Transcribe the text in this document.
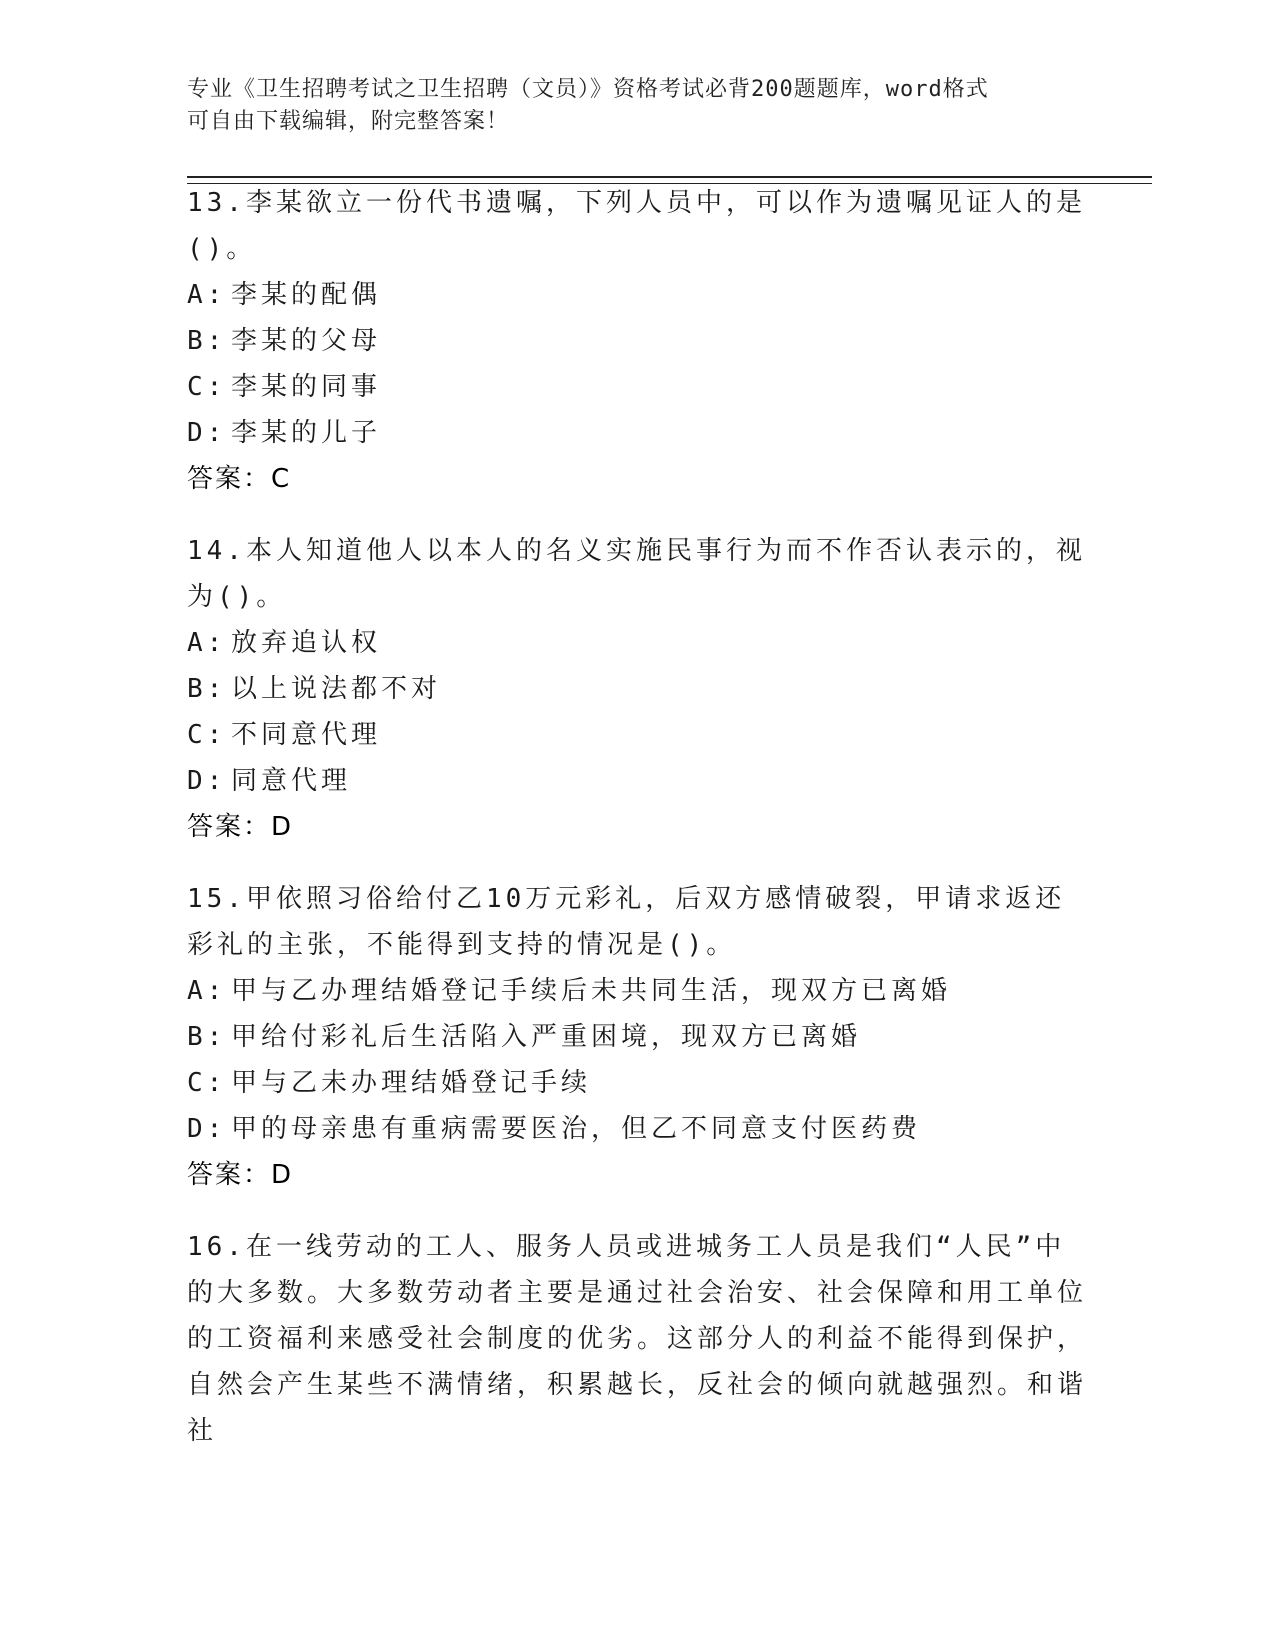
专业《卫生招聘考试之卫生招聘（文员）》资格考试必背200题题库，word格式
可自由下载编辑，附完整答案！
13.李某欲立一份代书遗嘱，下列人员中，可以作为遗嘱见证人的是()。
A: 李某的配偶
B: 李某的父母
C: 李某的同事
D: 李某的儿子
答案：C
14.本人知道他人以本人的名义实施民事行为而不作否认表示的，视为()。
A: 放弃追认权
B: 以上说法都不对
C: 不同意代理
D: 同意代理
答案：D
15.甲依照习俗给付乙10万元彩礼，后双方感情破裂，甲请求返还彩礼的主张，不能得到支持的情况是()。
A: 甲与乙办理结婚登记手续后未共同生活，现双方已离婚
B: 甲给付彩礼后生活陷入严重困境，现双方已离婚
C: 甲与乙未办理结婚登记手续
D: 甲的母亲患有重病需要医治，但乙不同意支付医药费
答案：D
16.在一线劳动的工人、服务人员或进城务工人员是我们“人民”中的大多数。大多数劳动者主要是通过社会治安、社会保障和用工单位的工资福利来感受社会制度的优劣。这部分人的利益不能得到保护，自然会产生某些不满情绪，积累越长，反社会的倾向就越强烈。和谐社
